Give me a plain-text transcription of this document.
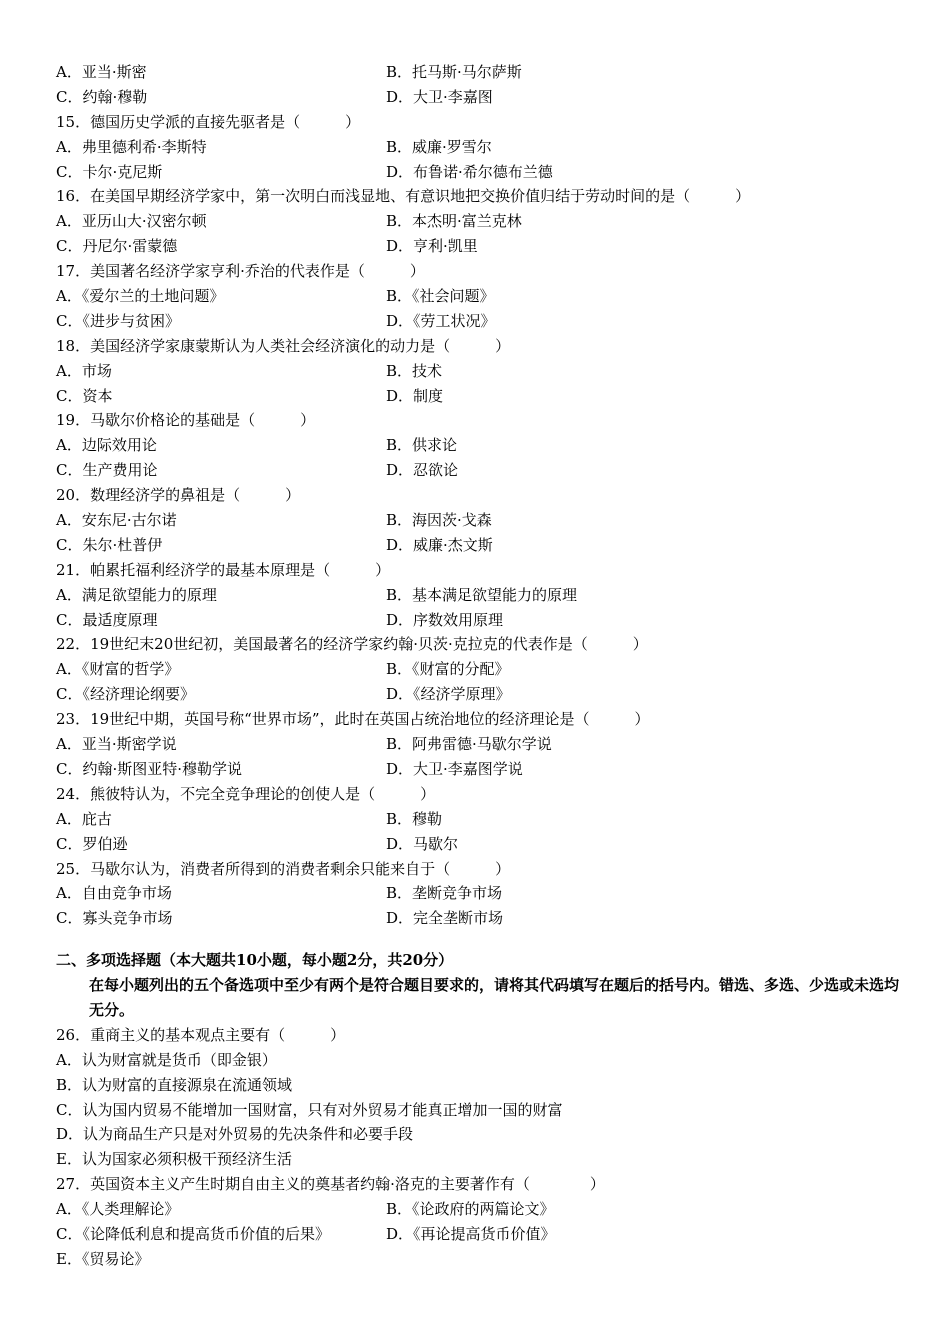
A．亚当·斯密	B．托马斯·马尔萨斯
C．约翰·穆勒	D．大卫·李嘉图
15．德国历史学派的直接先驱者是（　　　）
A．弗里德利希·李斯特	B．威廉·罗雪尔
C．卡尔·克尼斯	D．布鲁诺·希尔德布兰德
16．在美国早期经济学家中，第一次明白而浅显地、有意识地把交换价值归结于劳动时间的是（　　　）
A．亚历山大·汉密尔顿	B．本杰明·富兰克林
C．丹尼尔·雷蒙德	D．亨利·凯里
17．美国著名经济学家亨利·乔治的代表作是（　　　）
A．《爱尔兰的土地问题》	B．《社会问题》
C．《进步与贫困》	D．《劳工状况》
18．美国经济学家康蒙斯认为人类社会经济演化的动力是（　　　）
A．市场	B．技术
C．资本	D．制度
19．马歇尔价格论的基础是（　　　）
A．边际效用论	B．供求论
C．生产费用论	D．忍欲论
20．数理经济学的鼻祖是（　　　）
A．安东尼·古尔诺	B．海因茨·戈森
C．朱尔·杜普伊	D．威廉·杰文斯
21．帕累托福利经济学的最基本原理是（　　　）
A．满足欲望能力的原理	B．基本满足欲望能力的原理
C．最适度原理	D．序数效用原理
22．19世纪末20世纪初，美国最著名的经济学家约翰·贝茨·克拉克的代表作是（　　　）
A．《财富的哲学》	B．《财富的分配》
C．《经济理论纲要》	D．《经济学原理》
23．19世纪中期，英国号称“世界市场”，此时在英国占统治地位的经济理论是（　　　）
A．亚当·斯密学说	B．阿弗雷德·马歇尔学说
C．约翰·斯图亚特·穆勒学说	D．大卫·李嘉图学说
24．熊彼特认为，不完全竞争理论的创使人是（　　　）
A．庇古	B．穆勒
C．罗伯逊	D．马歇尔
25．马歇尔认为，消费者所得到的消费者剩余只能来自于（　　　）
A．自由竞争市场	B．垄断竞争市场
C．寡头竞争市场	D．完全垄断市场
二、多项选择题（本大题共10小题，每小题2分，共20分）
在每小题列出的五个备选项中至少有两个是符合题目要求的，请将其代码填写在题后的括号内。错选、多选、少选或未选均无分。
26．重商主义的基本观点主要有（　　　）
A．认为财富就是货币（即金银）
B．认为财富的直接源泉在流通领域
C．认为国内贸易不能增加一国财富，只有对外贸易才能真正增加一国的财富
D．认为商品生产只是对外贸易的先决条件和必要手段
E．认为国家必须积极干预经济生活
27．英国资本主义产生时期自由主义的奠基者约翰·洛克的主要著作有（　　　　）
A．《人类理解论》	B．《论政府的两篇论文》
C．《论降低利息和提高货币价值的后果》	D．《再论提高货币价值》
E．《贸易论》
